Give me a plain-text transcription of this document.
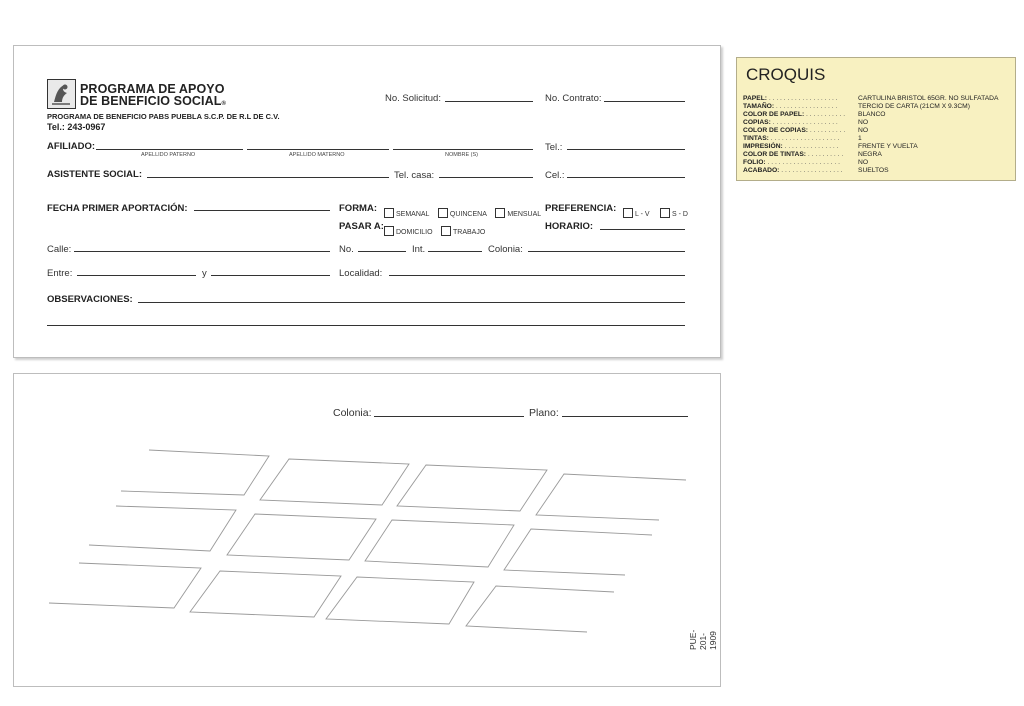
PROGRAMA DE APOYO
DE BENEFICIO SOCIAL®
PROGRAMA DE BENEFICIO PABS PUEBLA S.C.P. DE R.L DE C.V.
Tel.: 243-0967
No. Solicitud:	No. Contrato:
AFILIADO:
APELLIDO PATERNO	APELLIDO MATERNO	NOMBRE (S)
Tel.:
ASISTENTE SOCIAL:	Tel. casa:	Cel.:
FECHA PRIMER APORTACIÓN:	FORMA:
SEMANAL	QUINCENA	MENSUAL
PREFERENCIA:
L - V	S - D
PASAR A:
DOMICILIO	TRABAJO
HORARIO:
Calle:	No.	Int.	Colonia:
Entre:	y	Localidad:
OBSERVACIONES:
Colonia:	Plano:
PUE-201-1909
CROQUIS
PAPEL: . . . . . . . . . . . . . . . . . . .	CARTULINA BRISTOL 65GR. NO SULFATADA
TAMAÑO: . . . . . . . . . . . . . . . . .	TERCIO DE CARTA (21CM X 9.3CM)
COLOR DE PAPEL: . . . . . . . . . . . BLANCO
COPIAS: . . . . . . . . . . . . . . . . . .	NO
COLOR DE COPIAS: . . . . . . . . . . NO
TINTAS: . . . . . . . . . . . . . . . . . . .	1
IMPRESIÓN: . . . . . . . . . . . . . . .	FRENTE Y VUELTA
COLOR DE TINTAS: . . . . . . . . . . NEGRA
FOLIO: . . . . . . . . . . . . . . . . . . . .	NO
ACABADO: . . . . . . . . . . . . . . . . . SUELTOS
